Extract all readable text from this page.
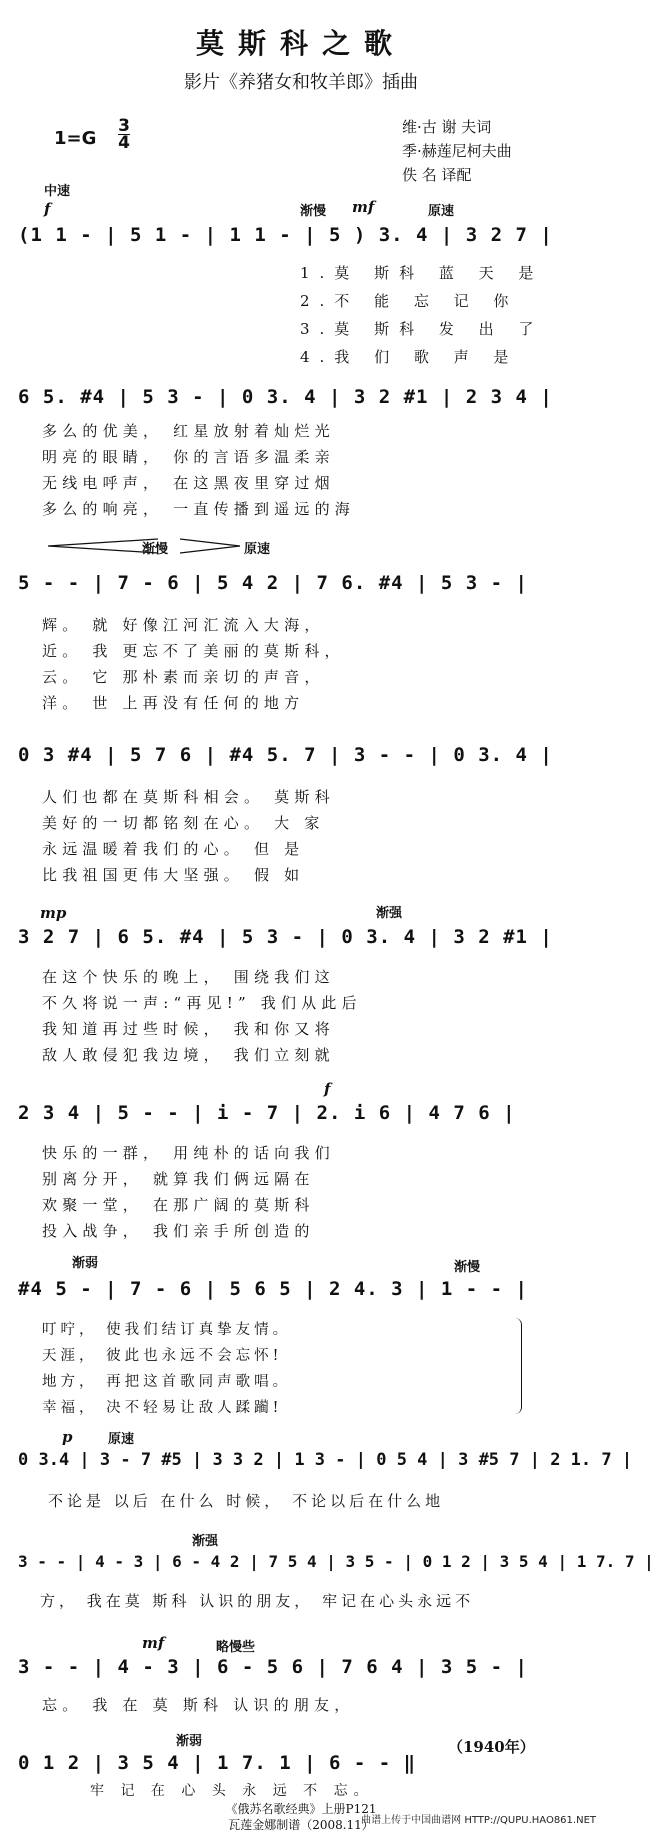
莫斯科之歌
影片《养猪女和牧羊郎》插曲
1=G
3
4
维·古 谢 夫词
季·赫莲尼柯夫曲
佚 名 译配
中速
f	渐慢 mf	原速
(1 1 - | 5 1 - | 1 1 - | 5 ) 3. 4 | 3 2 7 |
1.莫 斯科 蓝 天 是
2.不 能 忘 记 你
3.莫 斯科 发 出 了
4.我 们 歌 声 是
6 5. #4 | 5 3 - | 0 3. 4 | 3 2 #1 | 2 3 4 |
多么的优美， 红星放射着灿烂光
明亮的眼睛， 你的言语多温柔亲
无线电呼声， 在这黑夜里穿过烟
多么的响亮， 一直传播到遥远的海
渐慢	原速
5 - - | 7 - 6 | 5 4 2 | 7 6. #4 | 5 3 - |
辉。 就 好像江河汇流入大海，
近。 我 更忘不了美丽的莫斯科，
云。 它 那朴素而亲切的声音，
洋。 世 上再没有任何的地方
0 3 #4 | 5 7 6 | #4 5. 7 | 3 - - | 0 3. 4 |
人们也都在莫斯科相会。 莫斯科
美好的一切都铭刻在心。 大 家
永远温暖着我们的心。 但 是
比我祖国更伟大坚强。 假 如
mp	渐强
3 2 7 | 6 5. #4 | 5 3 - | 0 3. 4 | 3 2 #1 |
在这个快乐的晚上， 围绕我们这
不久将说一声:“再见!” 我们从此后
我知道再过些时候， 我和你又将
敌人敢侵犯我边境， 我们立刻就
f
2 3 4 | 5 - - | i - 7 | 2. i 6 | 4 7 6 |
快乐的一群， 用纯朴的话向我们
别离分开， 就算我们俩远隔在
欢聚一堂， 在那广阔的莫斯科
投入战争， 我们亲手所创造的
渐弱	渐慢
#4 5 - | 7 - 6 | 5 6 5 | 2 4. 3 | 1 - - |
叮咛， 使我们结订真挚友情。
天涯， 彼此也永远不会忘怀!
地方， 再把这首歌同声歌唱。
幸福， 决不轻易让敌人蹂躏!
p	原速
0 3.4 | 3 - 7 #5 | 3 3 2 | 1 3 - | 0 5 4 | 3 #5 7 | 2 1. 7 |
不论是 以后 在什么 时候， 不论以后在什么地
渐强
3 - - | 4 - 3 | 6 - 4 2 | 7 5 4 | 3 5 - | 0 1 2 | 3 5 4 | 1 7. 7 |
方， 我在莫 斯科 认识的朋友， 牢记在心头永远不
mf	略慢些
3 - - | 4 - 3 | 6 - 5 6 | 7 6 4 | 3 5 - |
忘。 我 在 莫 斯科 认识的朋友，
渐弱
0 1 2 | 3 5 4 | 1 7. 1 | 6 - - ‖
牢 记 在 心 头 永 远 不 忘。
（1940年）
《俄苏名歌经典》上册P121
瓦莲金娜制谱（2008.11）
曲谱上传于中国曲谱网 HTTP://QUPU.HAO861.NET
